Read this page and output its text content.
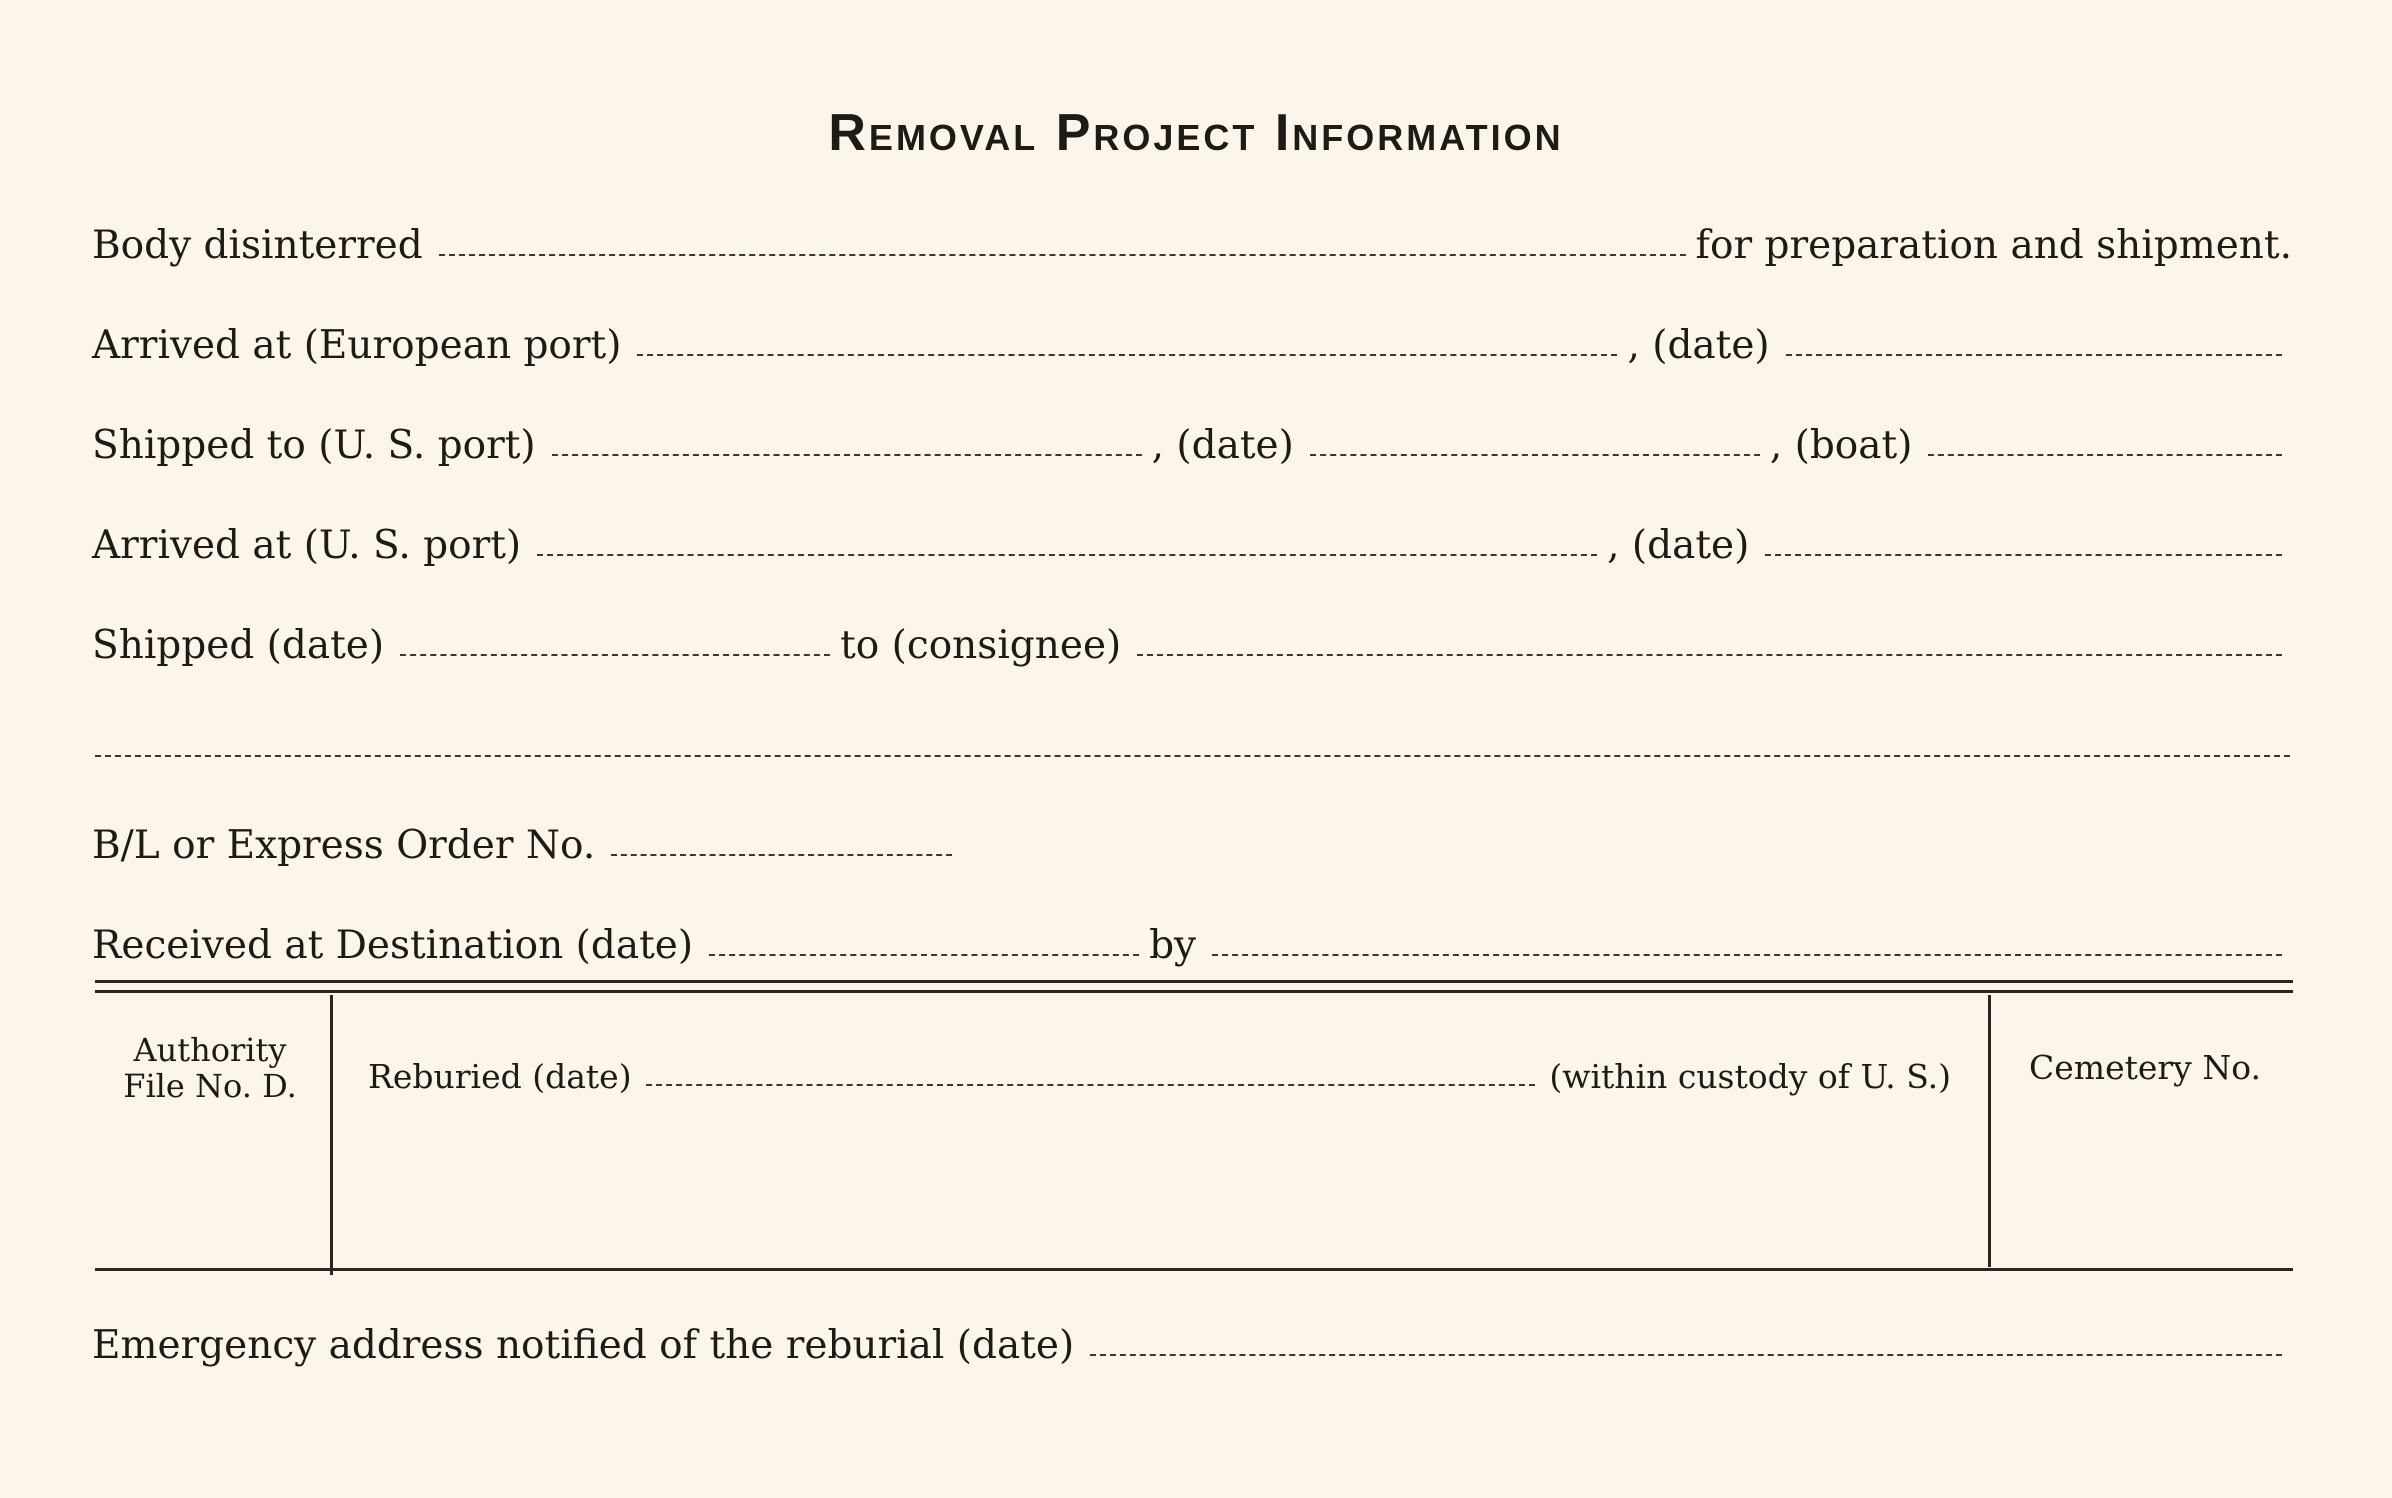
Removal Project Information
Body disinterred	for preparation and shipment.
Arrived at (European port)	, (date)
Shipped to (U. S. port)	, (date)	, (boat)
Arrived at (U. S. port)	, (date)
Shipped (date)	to (consignee)
B/L or Express Order No.
Received at Destination (date)	by
Authority
File No. D.	Reburied (date)	(within custody of U. S.)	Cemetery No.
Emergency address notified of the reburial (date)
